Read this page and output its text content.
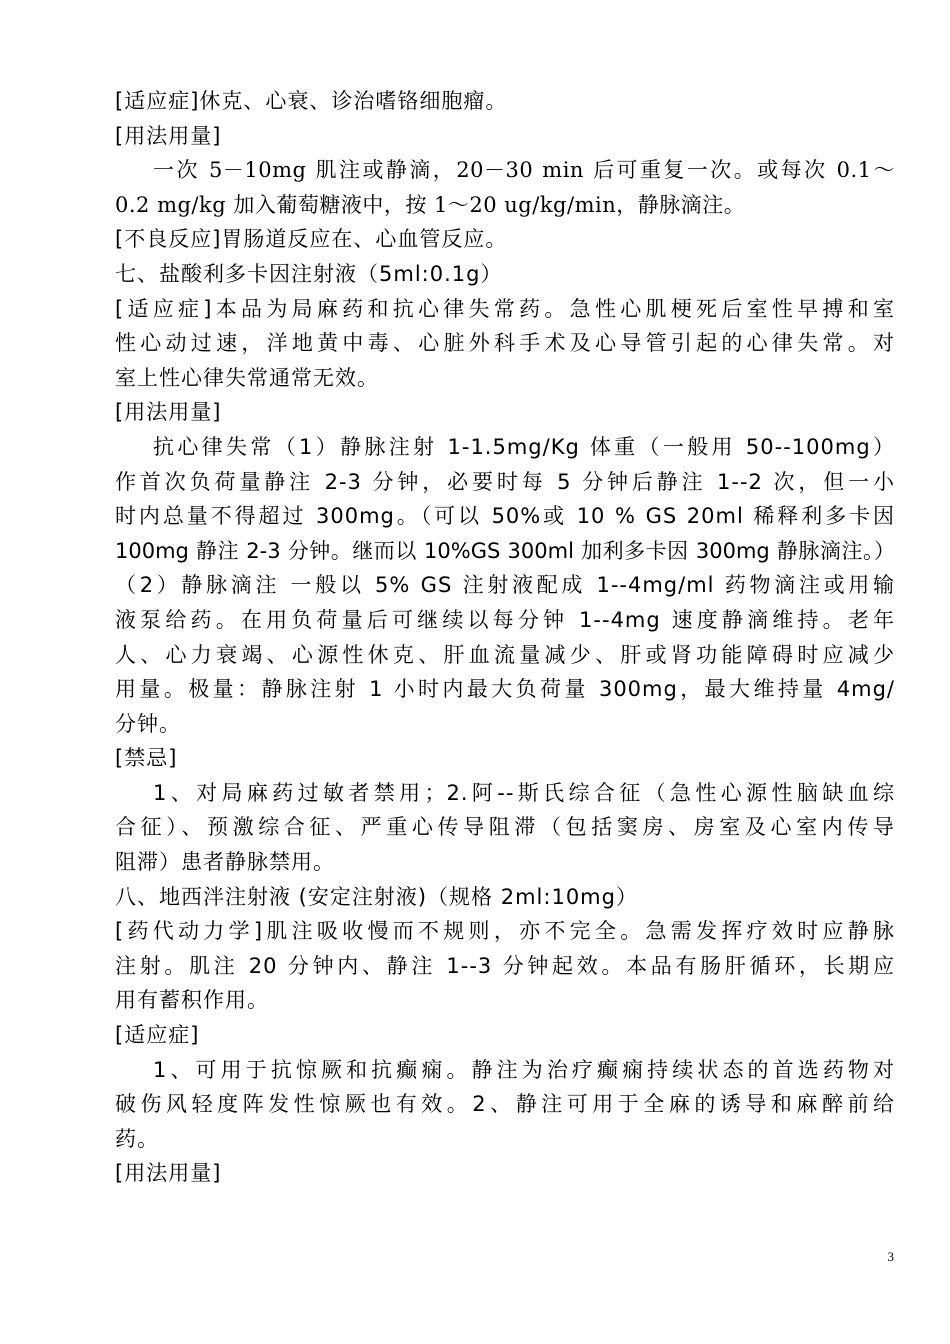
[适应症]休克、心衰、诊治嗜铬细胞瘤。
[用法用量]
一次 5－10mg 肌注或静滴，20－30 min 后可重复一次。或每次 0.1～
0.2 mg/kg 加入葡萄糖液中，按 1～20 ug/kg/min，静脉滴注。
[不良反应]胃肠道反应在、心血管反应。
七、盐酸利多卡因注射液（5ml:0.1g）
[适应症]本品为局麻药和抗心律失常药。急性心肌梗死后室性早搏和室
性心动过速，洋地黄中毒、心脏外科手术及心导管引起的心律失常。对
室上性心律失常通常无效。
[用法用量]
抗心律失常（1）静脉注射 1-1.5mg/Kg 体重（一般用 50--100mg）
作首次负荷量静注 2-3 分钟，必要时每 5 分钟后静注 1--2 次，但一小
时内总量不得超过 300mg。（可以 50%或 10 % GS 20ml 稀释利多卡因
100mg 静注 2-3 分钟。继而以 10%GS 300ml 加利多卡因 300mg 静脉滴注。）
（2）静脉滴注 一般以 5% GS 注射液配成 1--4mg/ml 药物滴注或用输
液泵给药。在用负荷量后可继续以每分钟 1--4mg 速度静滴维持。老年
人、心力衰竭、心源性休克、肝血流量减少、肝或肾功能障碍时应减少
用量。极量：静脉注射 1 小时内最大负荷量 300mg，最大维持量 4mg/
分钟。
[禁忌]
1、对局麻药过敏者禁用；2.阿--斯氏综合征（急性心源性脑缺血综
合征）、预激综合征、严重心传导阻滞（包括窦房、房室及心室内传导
阻滞）患者静脉禁用。
八、地西泮注射液 (安定注射液)（规格 2ml:10mg）
[药代动力学]肌注吸收慢而不规则，亦不完全。急需发挥疗效时应静脉
注射。肌注 20 分钟内、静注 1--3 分钟起效。本品有肠肝循环，长期应
用有蓄积作用。
[适应症]
1、可用于抗惊厥和抗癫痫。静注为治疗癫痫持续状态的首选药物对
破伤风轻度阵发性惊厥也有效。2、静注可用于全麻的诱导和麻醉前给
药。
[用法用量]
3
